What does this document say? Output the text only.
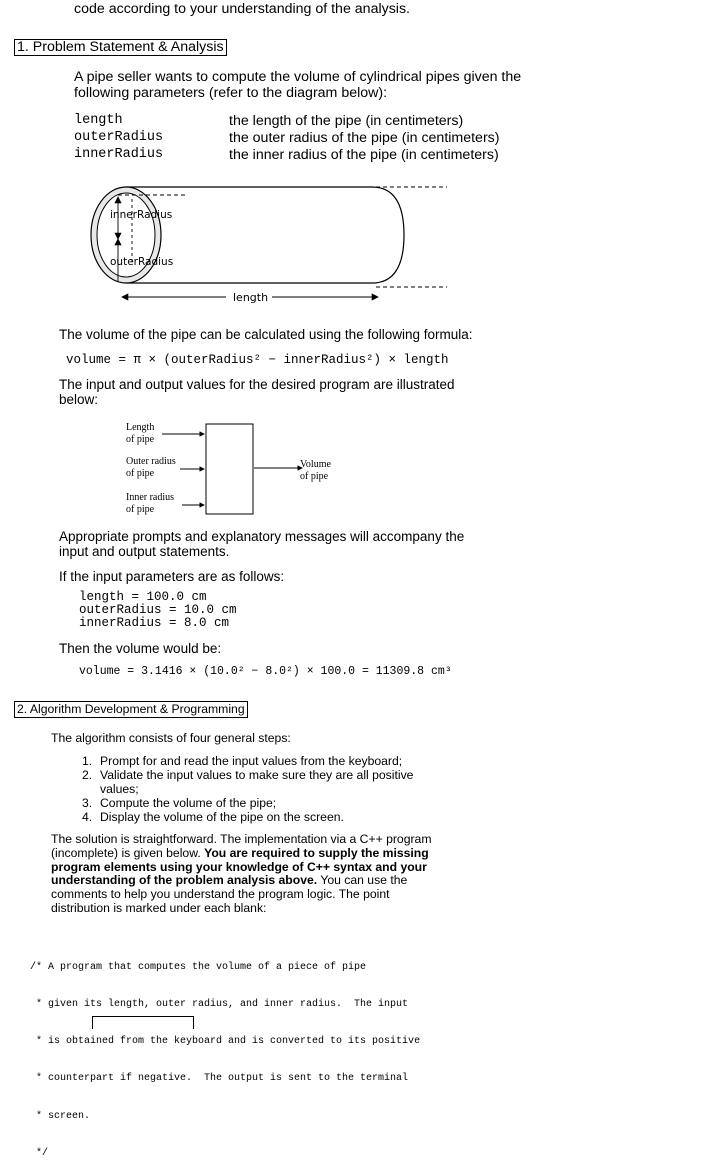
code according to your understanding of the analysis.
1. Problem Statement & Analysis
A pipe seller wants to compute the volume of cylindrical pipes given the
following parameters (refer to the diagram below):
length	the length of the pipe (in centimeters)
outerRadius	the outer radius of the pipe (in centimeters)
innerRadius	the inner radius of the pipe (in centimeters)
innerRadius
outerRadius
length
The volume of the pipe can be calculated using the following formula:
volume = π × (outerRadius² − innerRadius²) × length
The input and output values for the desired program are illustrated
below:
Length
of pipe
Outer radius
of pipe
Inner radius
of pipe
Volume
of pipe
Appropriate prompts and explanatory messages will accompany the
input and output statements.
If the input parameters are as follows:
length = 100.0 cm
outerRadius = 10.0 cm
innerRadius = 8.0 cm
Then the volume would be:
volume = 3.1416 × (10.0² − 8.0²) × 100.0 = 11309.8 cm³
2. Algorithm Development & Programming
The algorithm consists of four general steps:
1. Prompt for and read the input values from the keyboard;
2. Validate the input values to make sure they are all positive
values;
3. Compute the volume of the pipe;
4. Display the volume of the pipe on the screen.
The solution is straightforward. The implementation via a C++ program
(incomplete) is given below. You are required to supply the missing
program elements using your knowledge of C++ syntax and your
understanding of the problem analysis above. You can use the
comments to help you understand the program logic. The point
distribution is marked under each blank:

/* A program that computes the volume of a piece of pipe

* given its length, outer radius, and inner radius.  The input

* is obtained from the keyboard and is converted to its positive

* counterpart if negative.  The output is sent to the terminal

* screen.

*/
